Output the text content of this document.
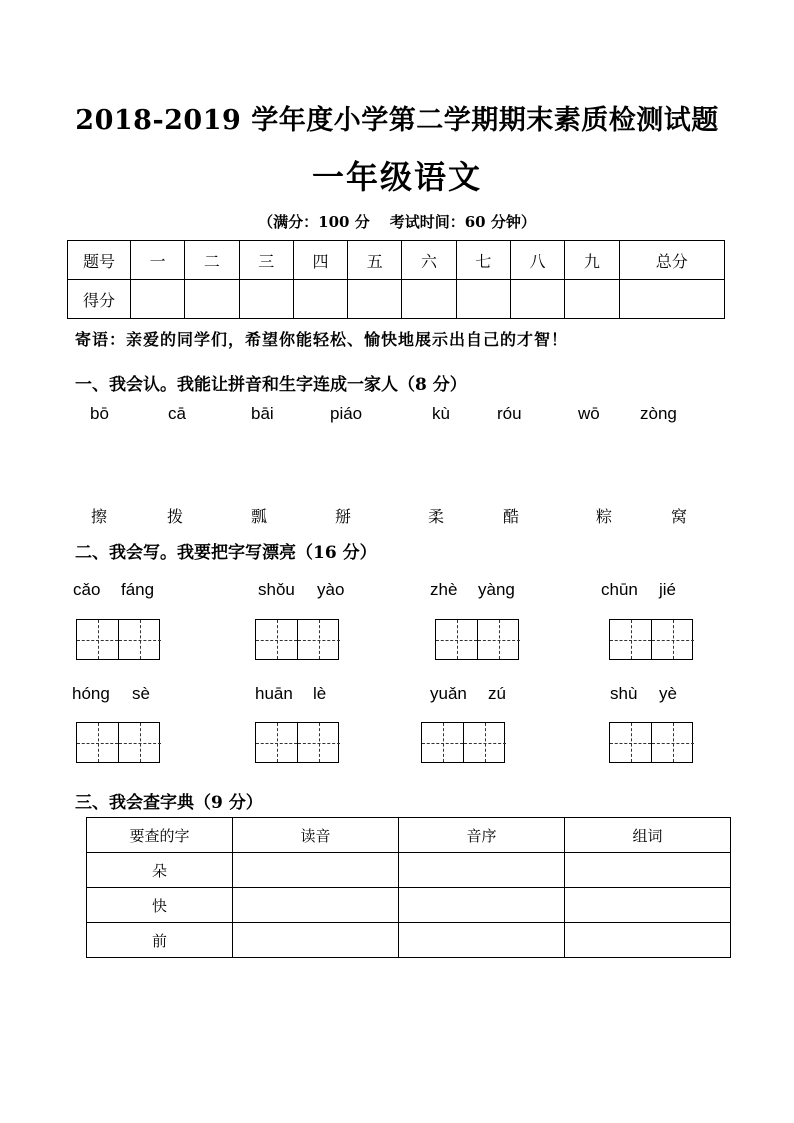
2018-2019 学年度小学第二学期期末素质检测试题
一年级语文
（满分：100 分 考试时间：60 分钟）
题号	一	二	三	四	五	六	七	八	九	总分
得分										
寄语：亲爱的同学们，希望你能轻松、愉快地展示出自己的才智！
一、我会认。我能让拼音和生字连成一家人（8 分）
bō	cā	bāi	piáo	kù	róu	wō zòng
擦	拨	瓢	掰	柔	酷	粽	窝
二、我会写。我要把字写漂亮（16 分）
cǎo fáng	shǒu yào	zhè yàng	chūn jié
hóng sè	huān lè	yuǎn zú	shù yè
三、我会查字典（9 分）
要查的字	读音	音序	组词
朵			
快			
前			
